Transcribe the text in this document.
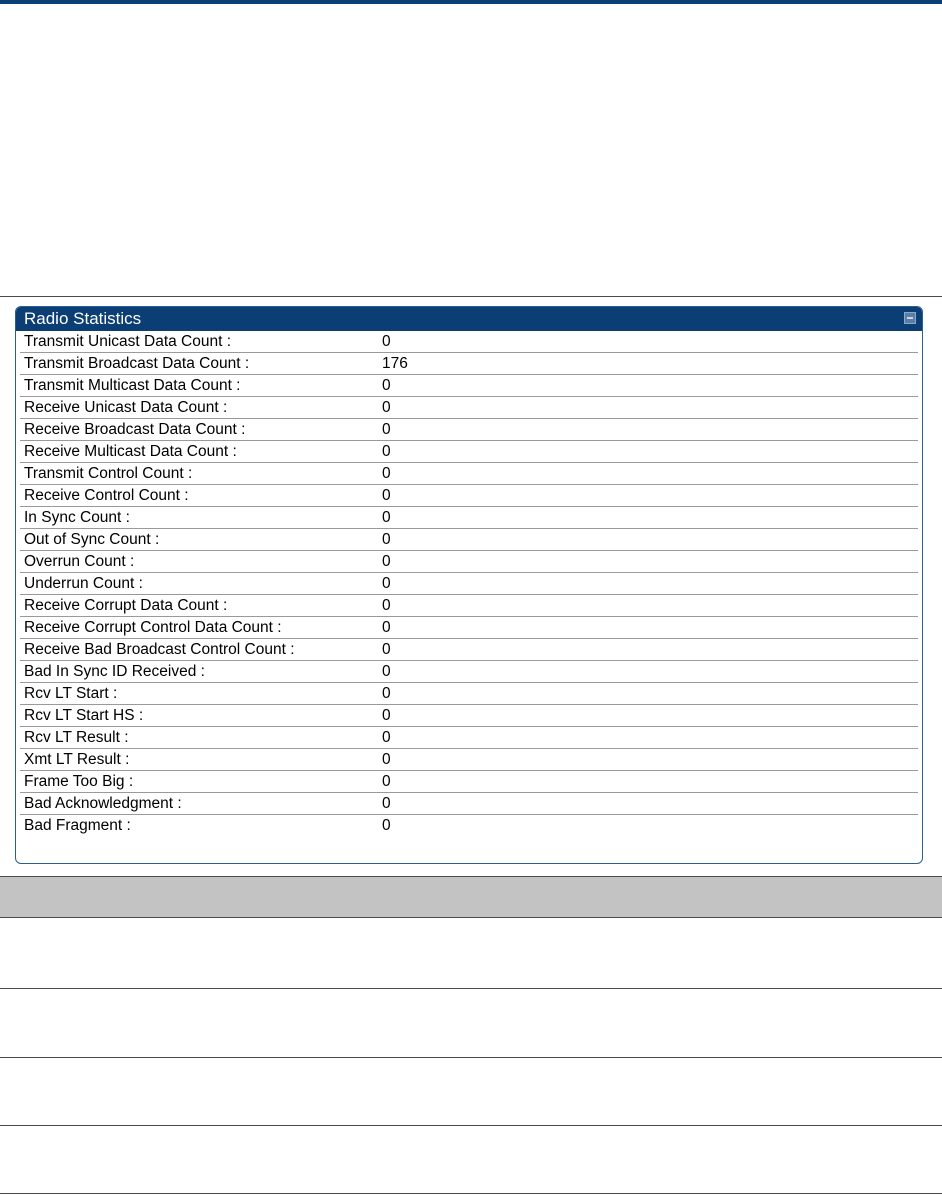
Radio Statistics
Transmit Unicast Data Count :	0
Transmit Broadcast Data Count :	176
Transmit Multicast Data Count :	0
Receive Unicast Data Count :	0
Receive Broadcast Data Count :	0
Receive Multicast Data Count :	0
Transmit Control Count :	0
Receive Control Count :	0
In Sync Count :	0
Out of Sync Count :	0
Overrun Count :	0
Underrun Count :	0
Receive Corrupt Data Count :	0
Receive Corrupt Control Data Count :	0
Receive Bad Broadcast Control Count :	0
Bad In Sync ID Received :	0
Rcv LT Start :	0
Rcv LT Start HS :	0
Rcv LT Result :	0
Xmt LT Result :	0
Frame Too Big :	0
Bad Acknowledgment :	0
Bad Fragment :	0
